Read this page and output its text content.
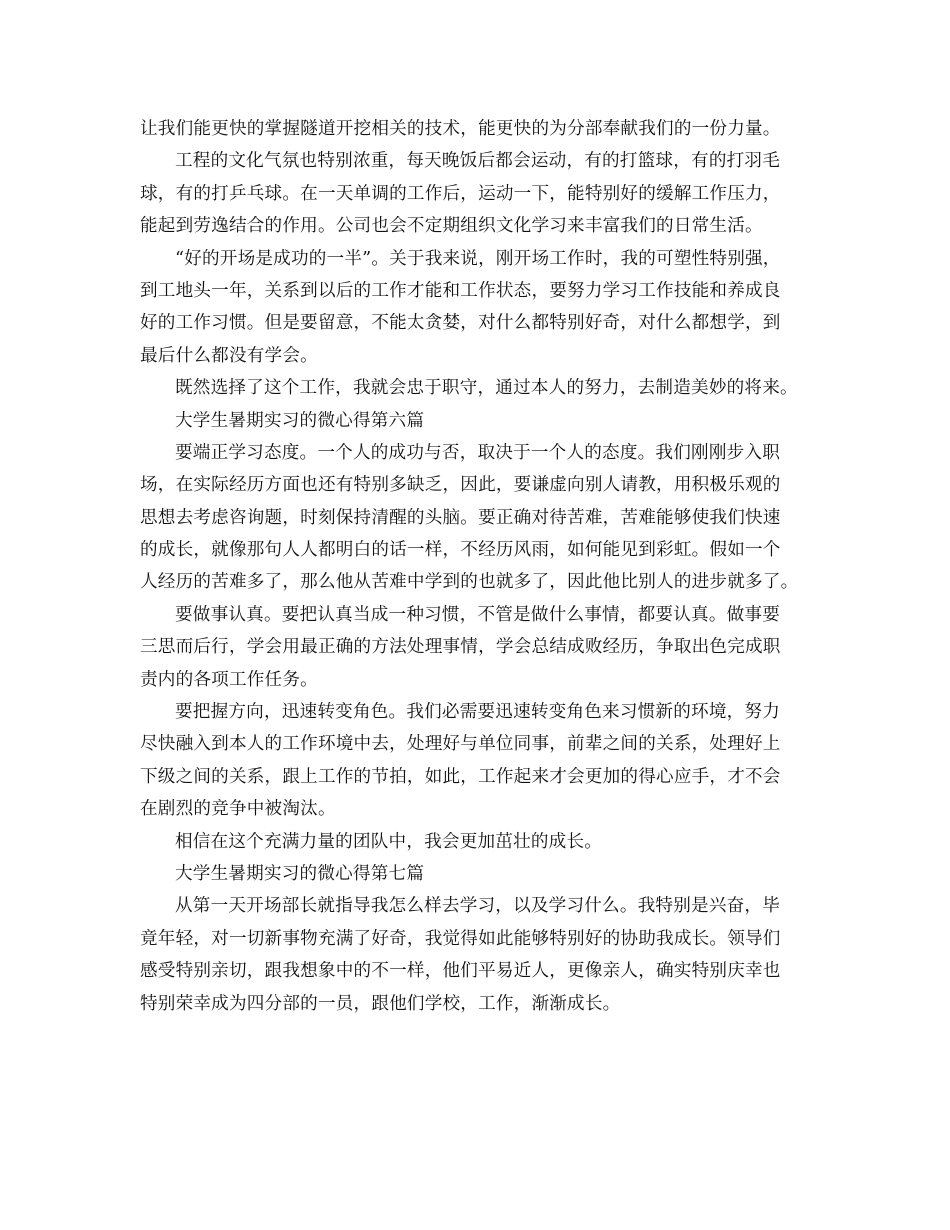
让我们能更快的掌握隧道开挖相关的技术，能更快的为分部奉献我们的一份力量。
工程的文化气氛也特别浓重，每天晚饭后都会运动，有的打篮球，有的打羽毛
球，有的打乒乓球。在一天单调的工作后，运动一下，能特别好的缓解工作压力，
能起到劳逸结合的作用。公司也会不定期组织文化学习来丰富我们的日常生活。
“好的开场是成功的一半”。关于我来说，刚开场工作时，我的可塑性特别强，
到工地头一年，关系到以后的工作才能和工作状态，要努力学习工作技能和养成良
好的工作习惯。但是要留意，不能太贪婪，对什么都特别好奇，对什么都想学，到
最后什么都没有学会。
既然选择了这个工作，我就会忠于职守，通过本人的努力，去制造美妙的将来。
大学生暑期实习的微心得第六篇
要端正学习态度。一个人的成功与否，取决于一个人的态度。我们刚刚步入职
场，在实际经历方面也还有特别多缺乏，因此，要谦虚向别人请教，用积极乐观的
思想去考虑咨询题，时刻保持清醒的头脑。要正确对待苦难，苦难能够使我们快速
的成长，就像那句人人都明白的话一样，不经历风雨，如何能见到彩虹。假如一个
人经历的苦难多了，那么他从苦难中学到的也就多了，因此他比别人的进步就多了。
要做事认真。要把认真当成一种习惯，不管是做什么事情，都要认真。做事要
三思而后行，学会用最正确的方法处理事情，学会总结成败经历，争取出色完成职
责内的各项工作任务。
要把握方向，迅速转变角色。我们必需要迅速转变角色来习惯新的环境，努力
尽快融入到本人的工作环境中去，处理好与单位同事，前辈之间的关系，处理好上
下级之间的关系，跟上工作的节拍，如此，工作起来才会更加的得心应手，才不会
在剧烈的竞争中被淘汰。
相信在这个充满力量的团队中，我会更加茁壮的成长。
大学生暑期实习的微心得第七篇
从第一天开场部长就指导我怎么样去学习，以及学习什么。我特别是兴奋，毕
竟年轻，对一切新事物充满了好奇，我觉得如此能够特别好的协助我成长。领导们
感受特别亲切，跟我想象中的不一样，他们平易近人，更像亲人，确实特别庆幸也
特别荣幸成为四分部的一员，跟他们学校，工作，渐渐成长。
